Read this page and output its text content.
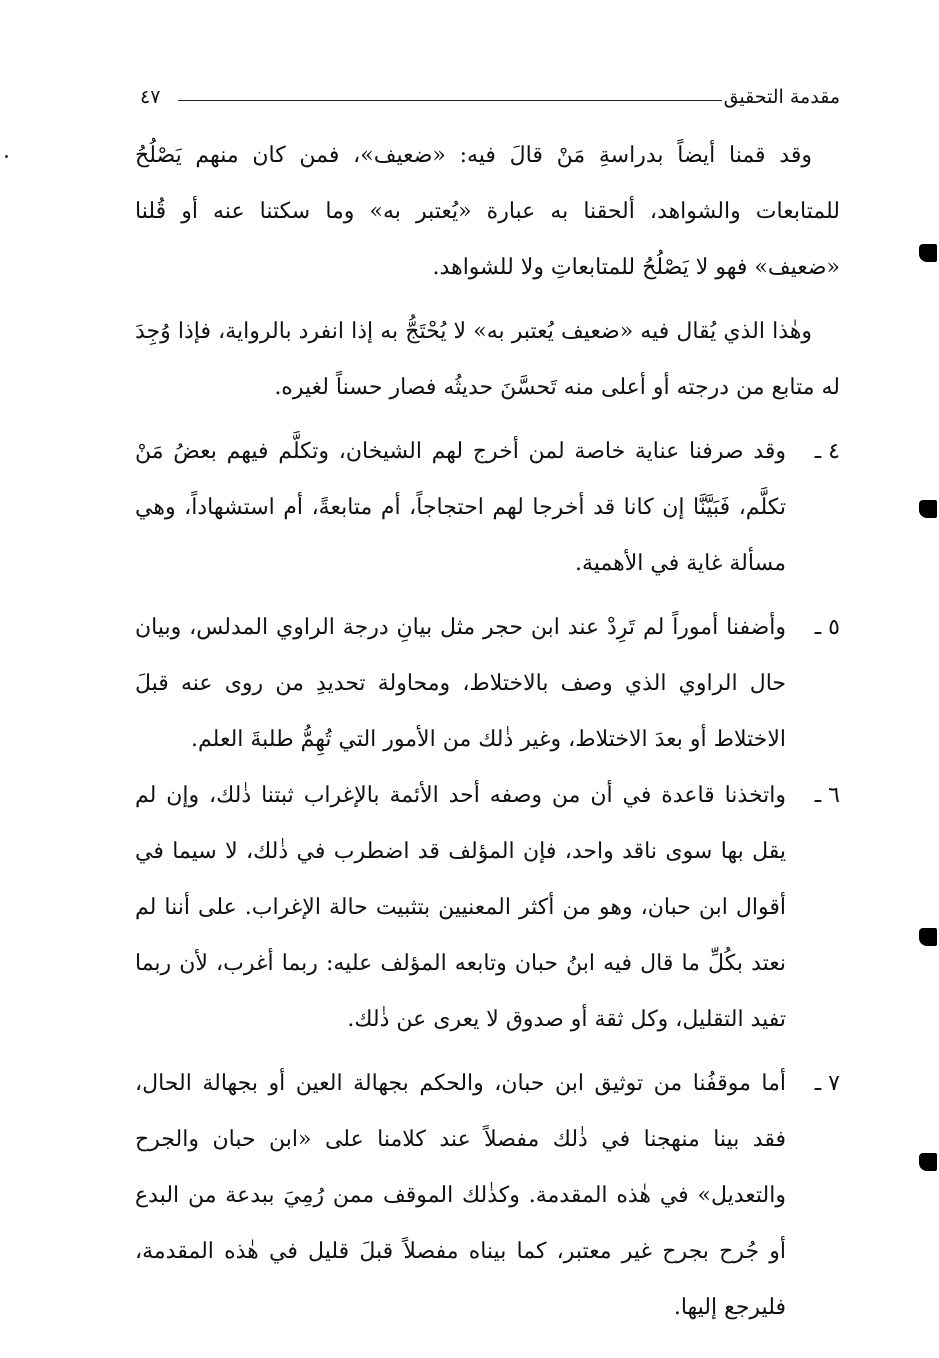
مقدمة التحقيق
٤٧

وقد قمنا أيضاً بدراسةِ مَنْ قالَ فيه: «ضعيف»، فمن كان منهم يَصْلُحُ للمتابعات والشواهد، ألحقنا به عبارة «يُعتبر به» وما سكتنا عنه أو قُلنا «ضعيف» فهو لا يَصْلُحُ للمتابعاتِ ولا للشواهد.

وهٰذا الذي يُقال فيه «ضعيف يُعتبر به» لا يُحْتَجُّ به إذا انفرد بالرواية، فإذا وُجِدَ له متابع من درجته أو أعلى منه تَحسَّنَ حديثُه فصار حسناً لغيره.

٤ ـ
وقد صرفنا عناية خاصة لمن أخرج لهم الشيخان، وتكلَّم فيهم بعضُ مَنْ تكلَّم، فَبَيَّنَّا إن كانا قد أخرجا لهم احتجاجاً، أم متابعةً، أم استشهاداً، وهي مسألة غاية في الأهمية.
٥ ـ
وأضفنا أموراً لم تَرِدْ عند ابن حجر مثل بيانِ درجة الراوي المدلس، وبيان حال الراوي الذي وصف بالاختلاط، ومحاولة تحديدِ من روى عنه قبلَ الاختلاط أو بعدَ الاختلاط، وغير ذٰلك من الأمور التي تُهِمُّ طلبةَ العلم.
٦ ـ
واتخذنا قاعدة في أن من وصفه أحد الأئمة بالإغراب ثبتنا ذٰلك، وإن لم يقل بها سوى ناقد واحد، فإن المؤلف قد اضطرب في ذٰلك، لا سيما في أقوال ابن حبان، وهو من أكثر المعنيين بتثبيت حالة الإغراب. على أننا لم نعتد بكُلِّ ما قال فيه ابنُ حبان وتابعه المؤلف عليه: ربما أغرب، لأن ربما تفيد التقليل، وكل ثقة أو صدوق لا يعرى عن ذٰلك.
٧ ـ
أما موقفُنا من توثيق ابن حبان، والحكم بجهالة العين أو بجهالة الحال، فقد بينا منهجنا في ذٰلك مفصلاً عند كلامنا على «ابن حبان والجرح والتعديل» في هٰذه المقدمة. وكذٰلك الموقف ممن رُمِيَ ببدعة من البدع أو جُرح بجرح غير معتبر، كما بيناه مفصلاً قبلَ قليل في هٰذه المقدمة، فليرجع إليها.
